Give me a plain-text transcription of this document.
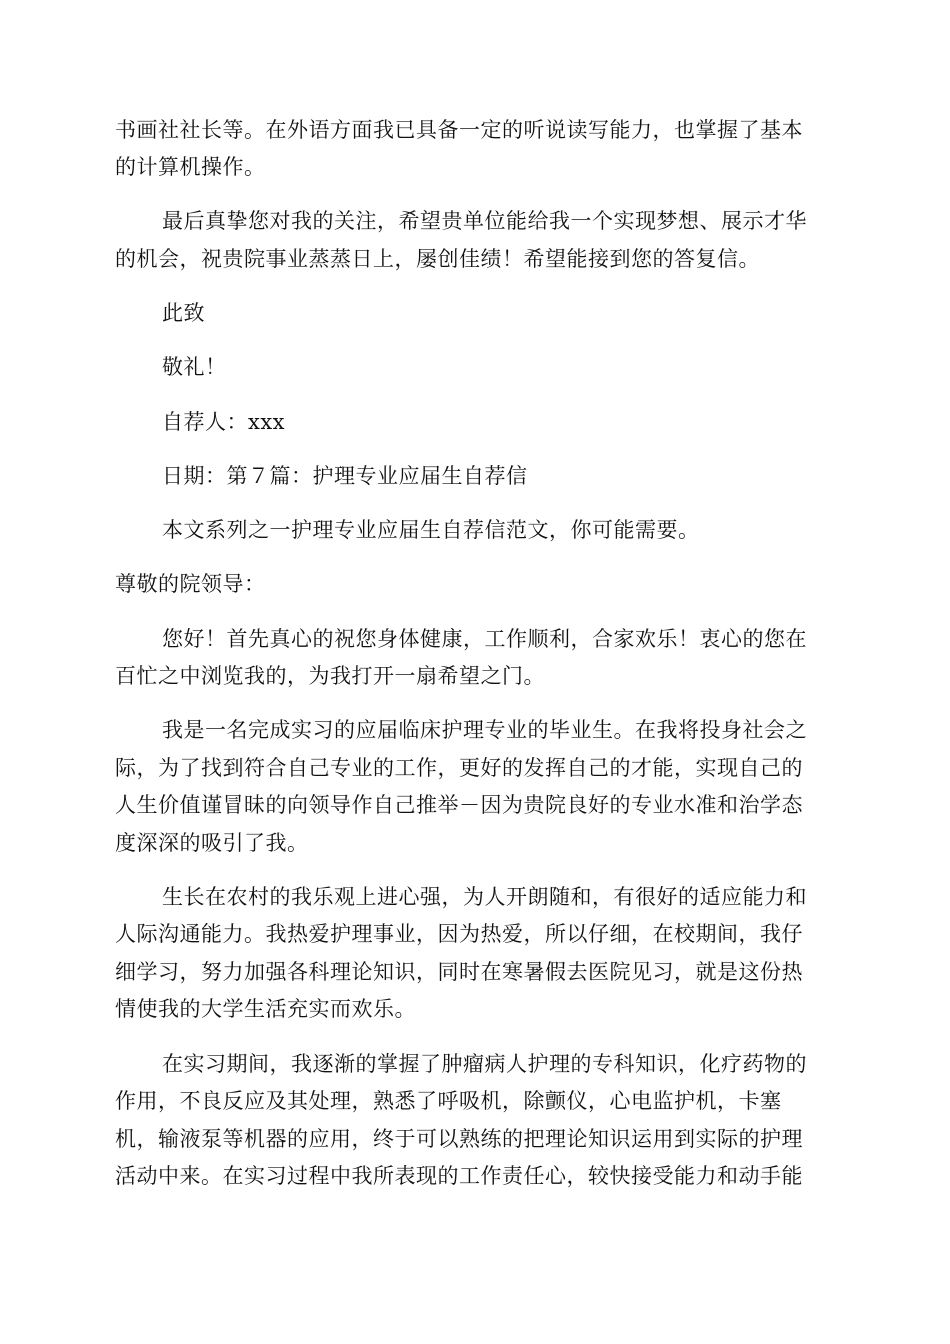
书画社社长等。在外语方面我已具备一定的听说读写能力，也掌握了基本
的计算机操作。
最后真挚您对我的关注，希望贵单位能给我一个实现梦想、展示才华
的机会，祝贵院事业蒸蒸日上，屡创佳绩！希望能接到您的答复信。
此致
敬礼！
自荐人：xxx
日期：第７篇：护理专业应届生自荐信
本文系列之一护理专业应届生自荐信范文，你可能需要。
尊敬的院领导：
您好！首先真心的祝您身体健康，工作顺利，合家欢乐！衷心的您在
百忙之中浏览我的，为我打开一扇希望之门。
我是一名完成实习的应届临床护理专业的毕业生。在我将投身社会之
际，为了找到符合自己专业的工作，更好的发挥自己的才能，实现自己的
人生价值谨冒昧的向领导作自己推举－因为贵院良好的专业水准和治学态
度深深的吸引了我。
生长在农村的我乐观上进心强，为人开朗随和，有很好的适应能力和
人际沟通能力。我热爱护理事业，因为热爱，所以仔细，在校期间，我仔
细学习，努力加强各科理论知识，同时在寒暑假去医院见习，就是这份热
情使我的大学生活充实而欢乐。
在实习期间，我逐渐的掌握了肿瘤病人护理的专科知识，化疗药物的
作用，不良反应及其处理，熟悉了呼吸机，除颤仪，心电监护机，卡塞
机，输液泵等机器的应用，终于可以熟练的把理论知识运用到实际的护理
活动中来。在实习过程中我所表现的工作责任心，较快接受能力和动手能
